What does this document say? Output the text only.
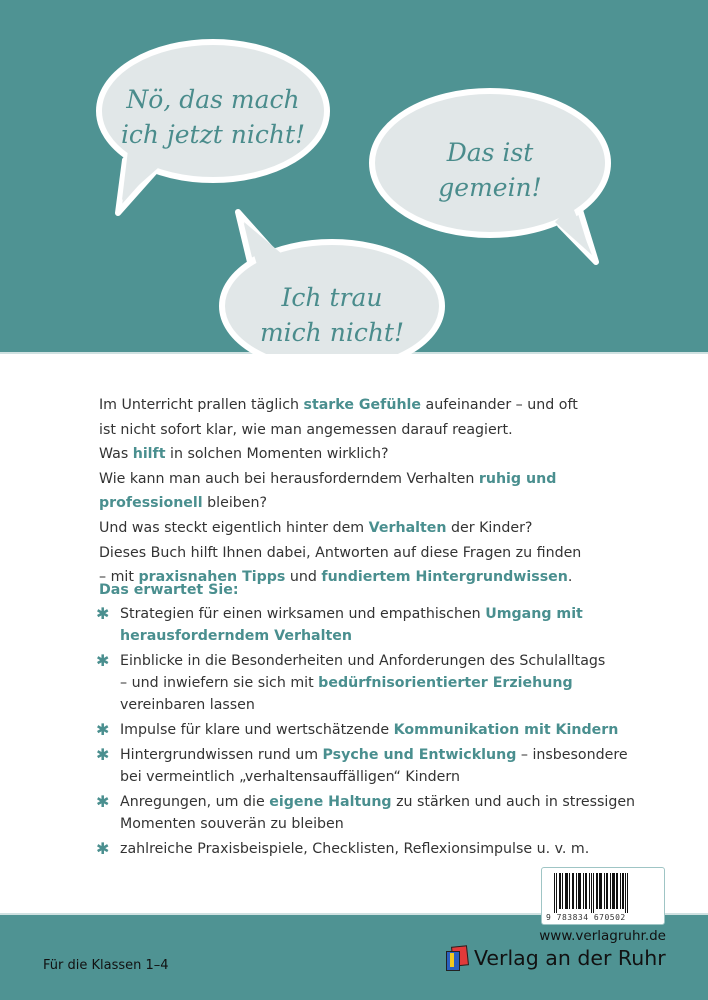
Nö, das mach
ich jetzt nicht!
Das ist
gemein!
Ich trau
mich nicht!

Im Unterricht prallen täglich starke Gefühle aufeinander – und oft

ist nicht sofort klar, wie man angemessen darauf reagiert.

Was hilft in solchen Momenten wirklich?

Wie kann man auch bei herausforderndem Verhalten ruhig und

professionell bleiben?

Und was steckt eigentlich hinter dem Verhalten der Kinder?

Dieses Buch hilft Ihnen dabei, Antworten auf diese Fragen zu finden

– mit praxisnahen Tipps und fundiertem Hintergrundwissen.

Das erwartet Sie:
✱ Strategien für einen wirksamen und empathischen Umgang mit
herausforderndem Verhalten
✱ Einblicke in die Besonderheiten und Anforderungen des Schulalltags
– und inwiefern sie sich mit bedürfnisorientierter Erziehung
vereinbaren lassen
✱ Impulse für klare und wertschätzende Kommunikation mit Kindern
✱ Hintergrundwissen rund um Psyche und Entwicklung – insbesondere
bei vermeintlich „verhaltensauffälligen“ Kindern
✱ Anregungen, um die eigene Haltung zu stärken und auch in stressigen
Momenten souverän zu bleiben
✱ zahlreiche Praxisbeispiele, Checklisten, Reflexionsimpulse u. v. m.
9 783834 670502
Für die Klassen 1–4
www.verlagruhr.de
Verlag an der Ruhr
